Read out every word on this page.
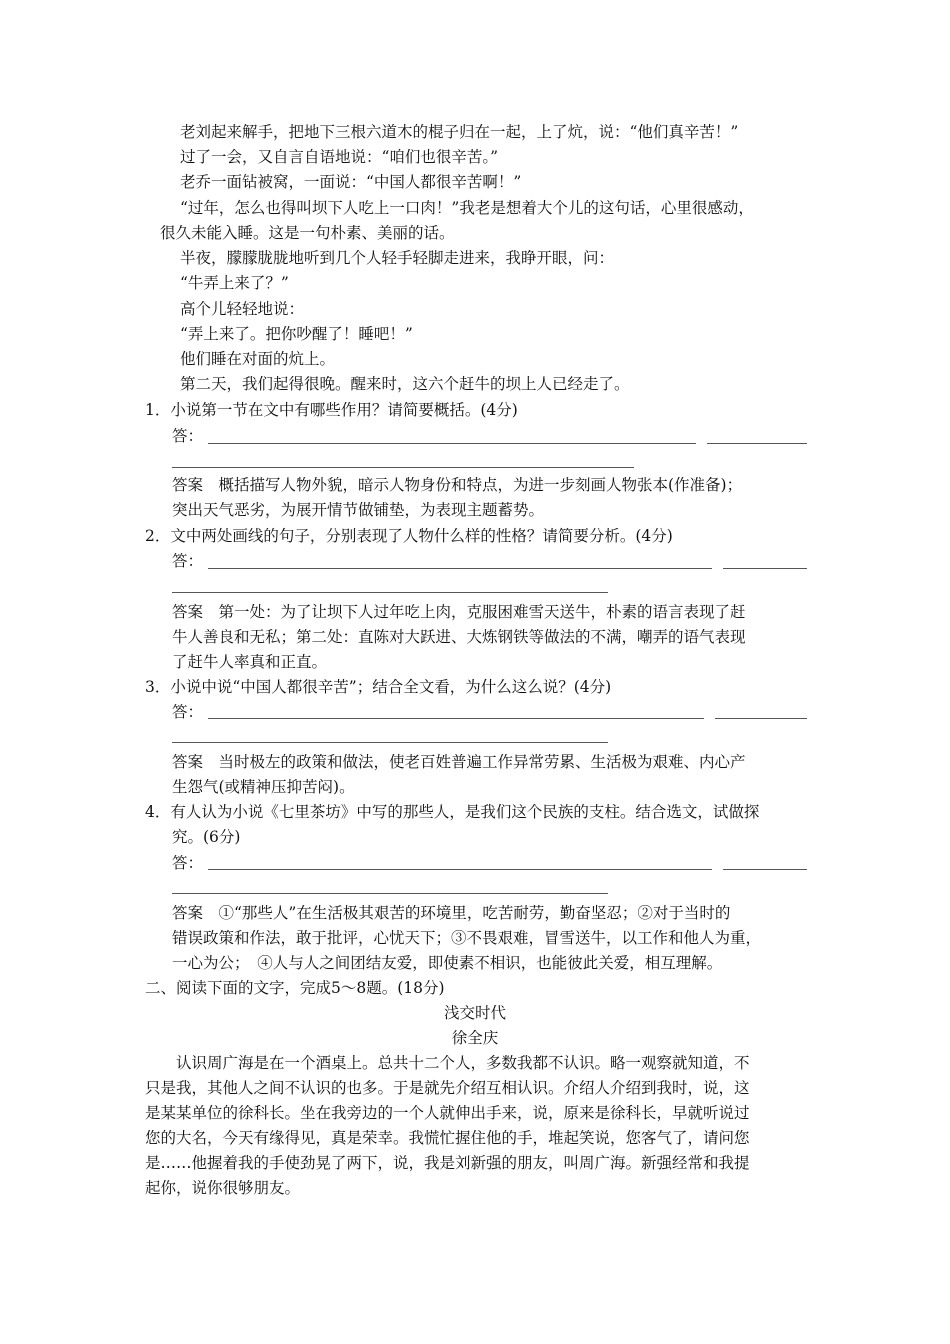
老刘起来解手，把地下三根六道木的棍子归在一起，上了炕，说：“他们真辛苦！”
过了一会，又自言自语地说：“咱们也很辛苦。”
老乔一面钻被窝，一面说：“中国人都很辛苦啊！”
“过年，怎么也得叫坝下人吃上一口肉！”我老是想着大个儿的这句话，心里很感动，
很久未能入睡。这是一句朴素、美丽的话。
半夜，朦朦胧胧地听到几个人轻手轻脚走进来，我睁开眼，问：
“牛弄上来了？”
高个儿轻轻地说：
“弄上来了。把你吵醒了！睡吧！”
他们睡在对面的炕上。
第二天，我们起得很晚。醒来时，这六个赶牛的坝上人已经走了。
1．小说第一节在文中有哪些作用？请简要概括。(4分)
答：
答案　概括描写人物外貌，暗示人物身份和特点，为进一步刻画人物张本(作准备)；
突出天气恶劣，为展开情节做铺垫，为表现主题蓄势。
2．文中两处画线的句子，分别表现了人物什么样的性格？请简要分析。(4分)
答：
答案　第一处：为了让坝下人过年吃上肉，克服困难雪天送牛，朴素的语言表现了赶
牛人善良和无私；第二处：直陈对大跃进、大炼钢铁等做法的不满，嘲弄的语气表现
了赶牛人率真和正直。
3．小说中说“中国人都很辛苦”；结合全文看，为什么这么说？(4分)
答：
答案　当时极左的政策和做法，使老百姓普遍工作异常劳累、生活极为艰难、内心产
生怨气(或精神压抑苦闷)。
4．有人认为小说《七里茶坊》中写的那些人，是我们这个民族的支柱。结合选文，试做探
究。(6分)
答：
答案　①“那些人”在生活极其艰苦的环境里，吃苦耐劳，勤奋坚忍；②对于当时的
错误政策和作法，敢于批评，心忧天下；③不畏艰难，冒雪送牛，以工作和他人为重，
一心为公；　④人与人之间团结友爱，即使素不相识，也能彼此关爱，相互理解。
二、阅读下面的文字，完成5～8题。(18分)
浅交时代
徐全庆
认识周广海是在一个酒桌上。总共十二个人，多数我都不认识。略一观察就知道，不
只是我，其他人之间不认识的也多。于是就先介绍互相认识。介绍人介绍到我时，说，这
是某某单位的徐科长。坐在我旁边的一个人就伸出手来，说，原来是徐科长，早就听说过
您的大名，今天有缘得见，真是荣幸。我慌忙握住他的手，堆起笑说，您客气了，请问您
是……他握着我的手使劲晃了两下，说，我是刘新强的朋友，叫周广海。新强经常和我提
起你，说你很够朋友。
